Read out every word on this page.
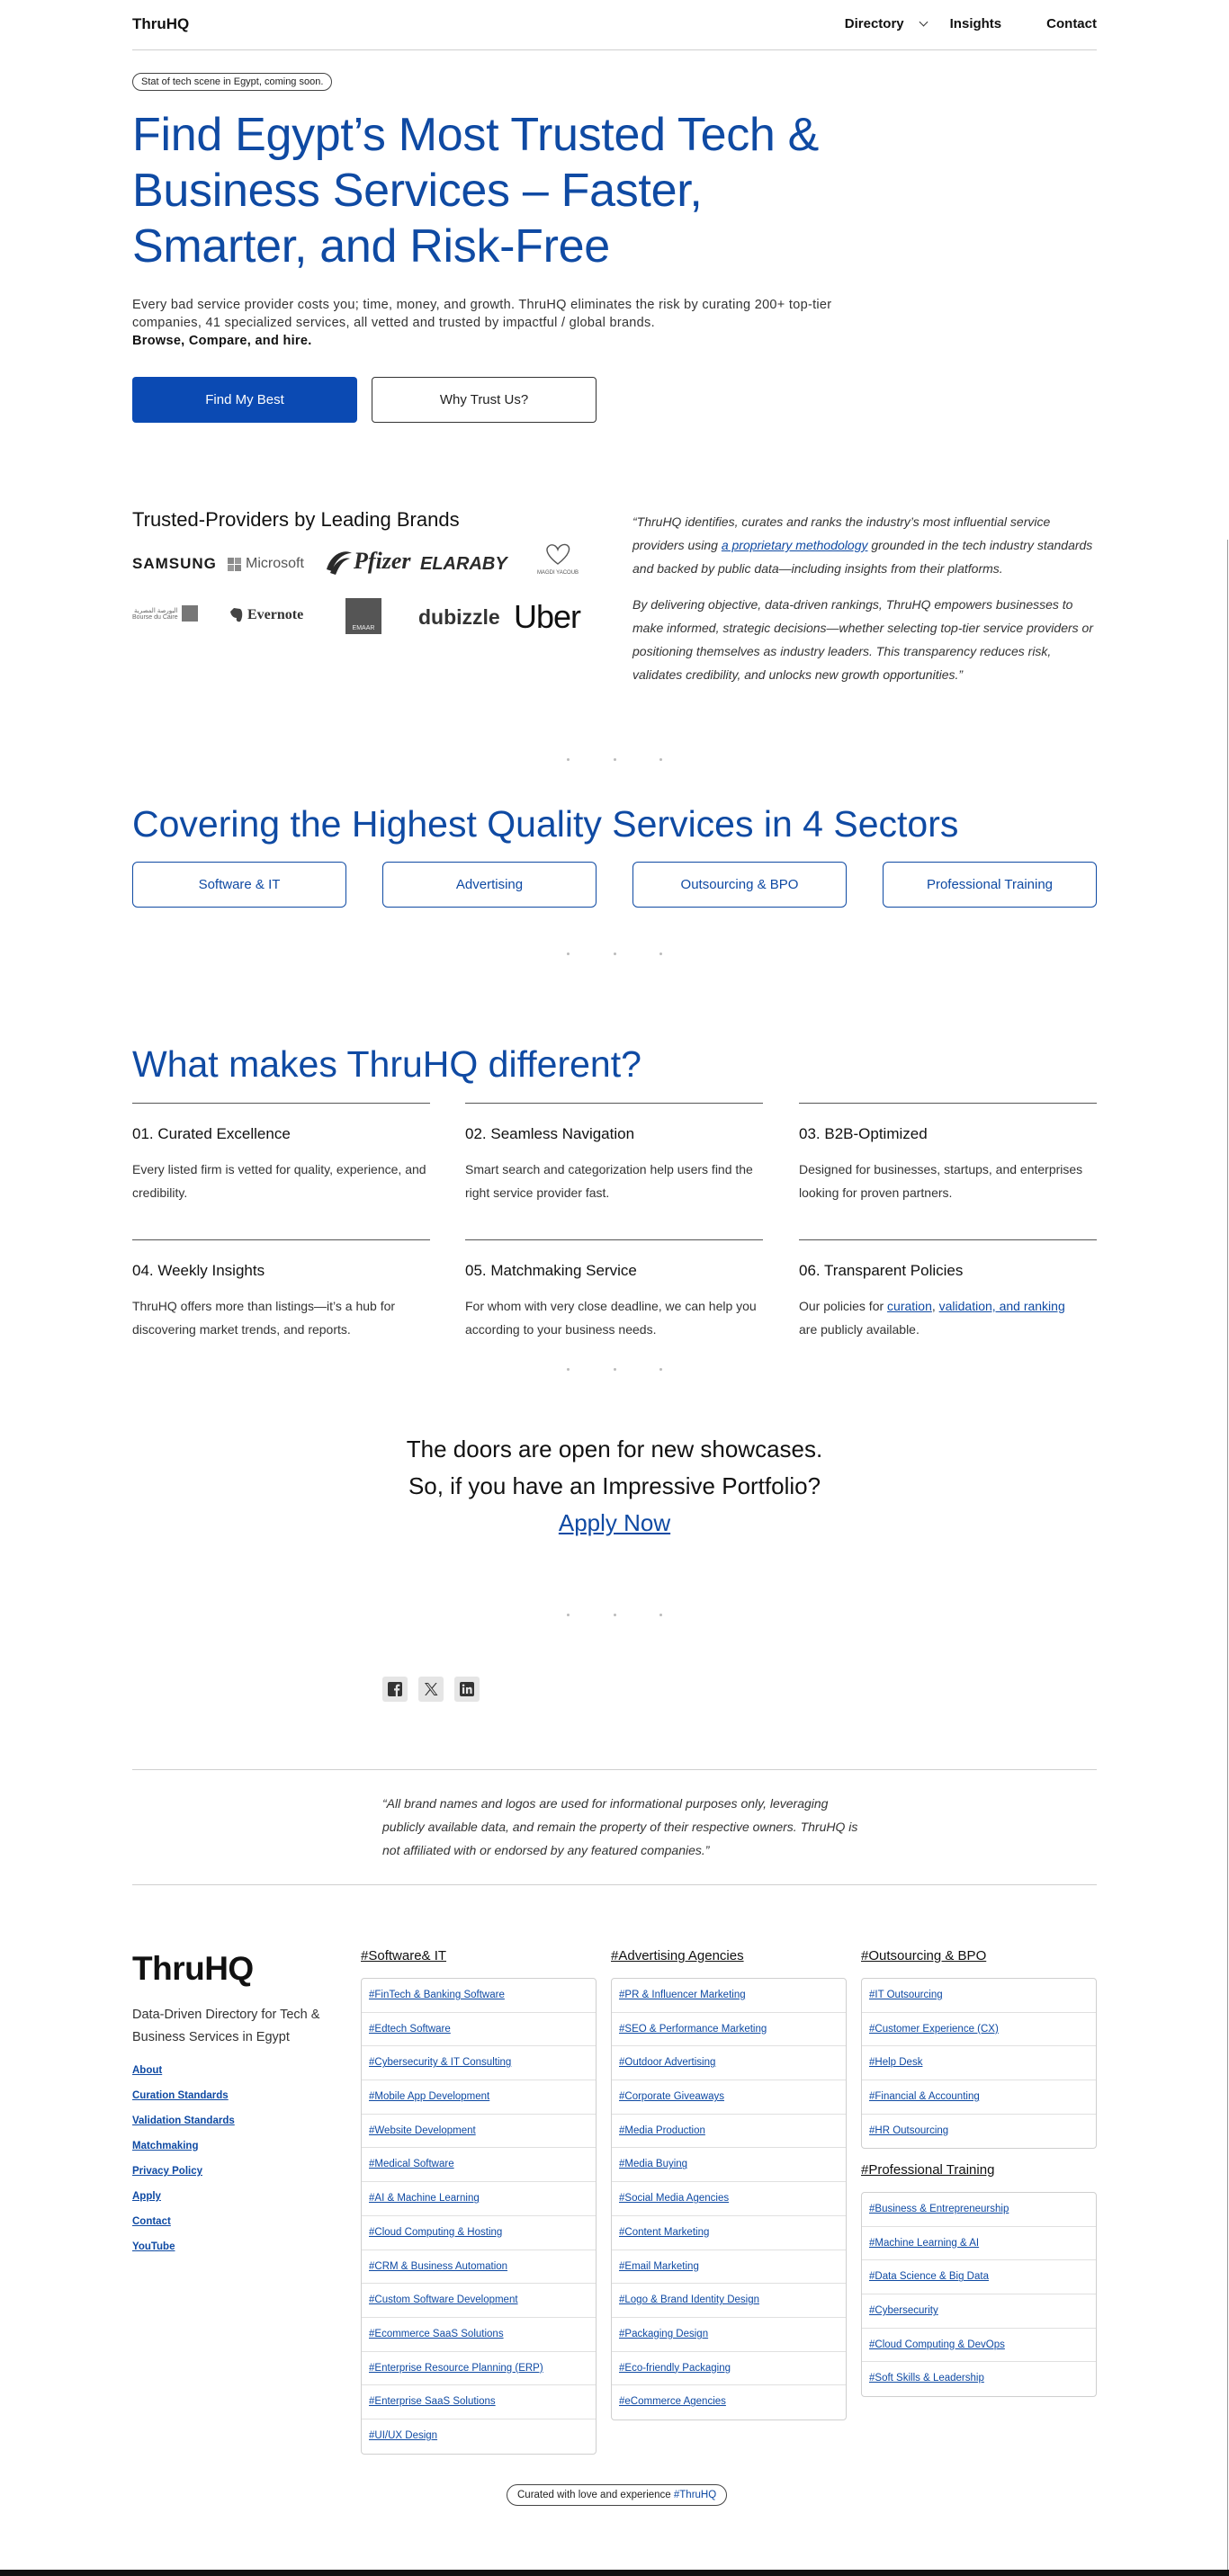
ThruHQ	Directory	Insights	Contact
Stat of tech scene in Egypt, coming soon.
Find Egypt’s Most Trusted Tech & Business Services – Faster, Smarter, and Risk-Free

Every bad service provider costs you; time, money, and growth. ThruHQ eliminates the risk by curating 200+ top-tier companies, 41 specialized services, all vetted and trusted by impactful / global brands.
Browse, Compare, and hire.

Find My Best	Why Trust Us?
Trusted-Providers by Leading Brands
SAMSUNG Microsoft Pfizer ELARABY	MAGDI YACOUB
البورصة المصرية
Bourse du Caire	Evernote
EMAAR dubizzle Uber

“ThruHQ identifies, curates and ranks the industry’s most influential service providers using a proprietary methodology grounded in the tech industry standards and backed by public data—including insights from their platforms.

By delivering objective, data-driven rankings, ThruHQ empowers businesses to make informed, strategic decisions—whether selecting top-tier service providers or positioning themselves as industry leaders. This transparency reduces risk, validates credibility, and unlocks new growth opportunities.”

Covering the Highest Quality Services in 4 Sectors
Software & IT	Advertising	Outsourcing & BPO	Professional Training
What makes ThruHQ different?
01. Curated Excellence

Every listed firm is vetted for quality, experience, and credibility.

02. Seamless Navigation

Smart search and categorization help users find the right service provider fast.

03. B2B-Optimized

Designed for businesses, startups, and enterprises looking for proven partners.

04. Weekly Insights

ThruHQ offers more than listings—it’s a hub for discovering market trends, and reports.

05. Matchmaking Service

For whom with very close deadline, we can help you according to your business needs.

06. Transparent Policies

Our policies for curation, validation, and ranking
are publicly available.

The doors are open for new showcases.
So, if you have an Impressive Portfolio?
Apply Now

“All brand names and logos are used for informational purposes only, leveraging publicly available data, and remain the property of their respective owners. ThruHQ is not affiliated with or endorsed by any featured companies.”

ThruHQ
Data-Driven Directory for Tech & Business Services in Egypt
About
Curation Standards
Validation Standards
Matchmaking
Privacy Policy
Apply
Contact
YouTube
#Software& IT
#FinTech & Banking Software
#Edtech Software
#Cybersecurity & IT Consulting
#Mobile App Development
#Website Development
#Medical Software
#AI & Machine Learning
#Cloud Computing & Hosting
#CRM & Business Automation
#Custom Software Development
#Ecommerce SaaS Solutions
#Enterprise Resource Planning (ERP)
#Enterprise SaaS Solutions
#UI/UX Design
#Advertising Agencies
#PR & Influencer Marketing
#SEO & Performance Marketing
#Outdoor Advertising
#Corporate Giveaways
#Media Production
#Media Buying
#Social Media Agencies
#Content Marketing
#Email Marketing
#Logo & Brand Identity Design
#Packaging Design
#Eco-friendly Packaging
#eCommerce Agencies
#Outsourcing & BPO
#IT Outsourcing
#Customer Experience (CX)
#Help Desk
#Financial & Accounting
#HR Outsourcing
#Professional Training
#Business & Entrepreneurship
#Machine Learning & AI
#Data Science & Big Data
#Cybersecurity
#Cloud Computing & DevOps
#Soft Skills & Leadership
Curated with love and experience #ThruHQ
